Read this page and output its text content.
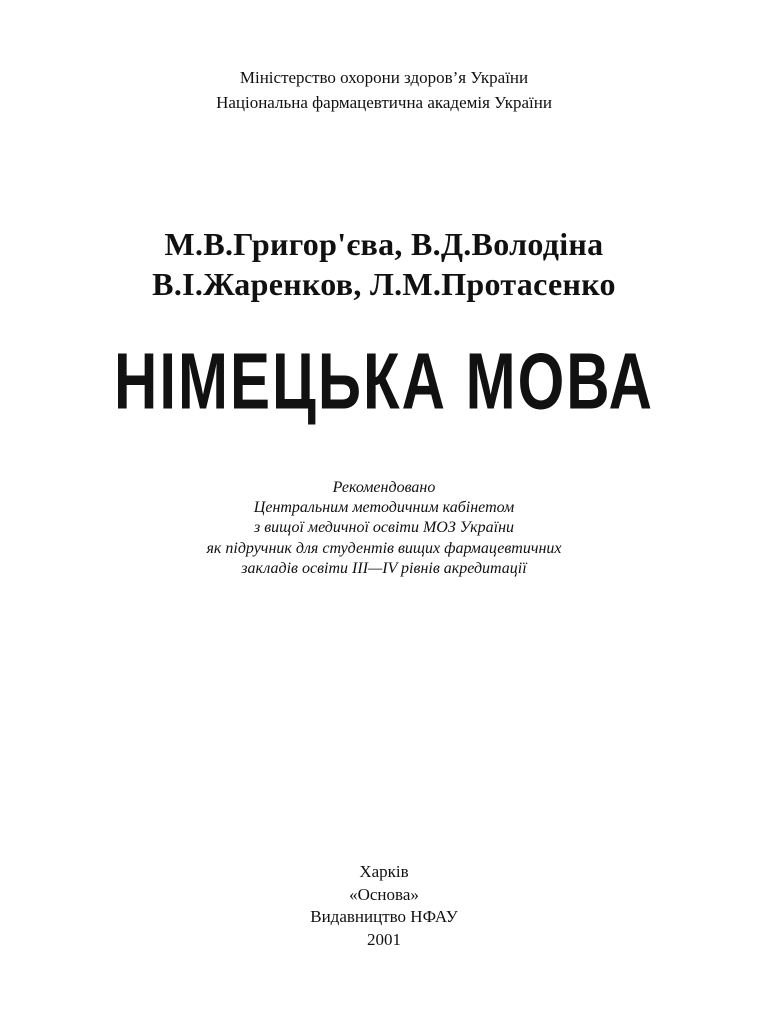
Міністерство охорони здоров’я України
Національна фармацевтична академія України
М.В.Григор'єва, В.Д.Володіна
В.І.Жаренков, Л.М.Протасенко
НІМЕЦЬКА МОВА
Рекомендовано
Центральним методичним кабінетом
з вищої медичної освіти МОЗ України
як підручник для студентів вищих фармацевтичних
закладів освіти III—IV рівнів акредитації
Харків
«Основа»
Видавництво НФАУ
2001
